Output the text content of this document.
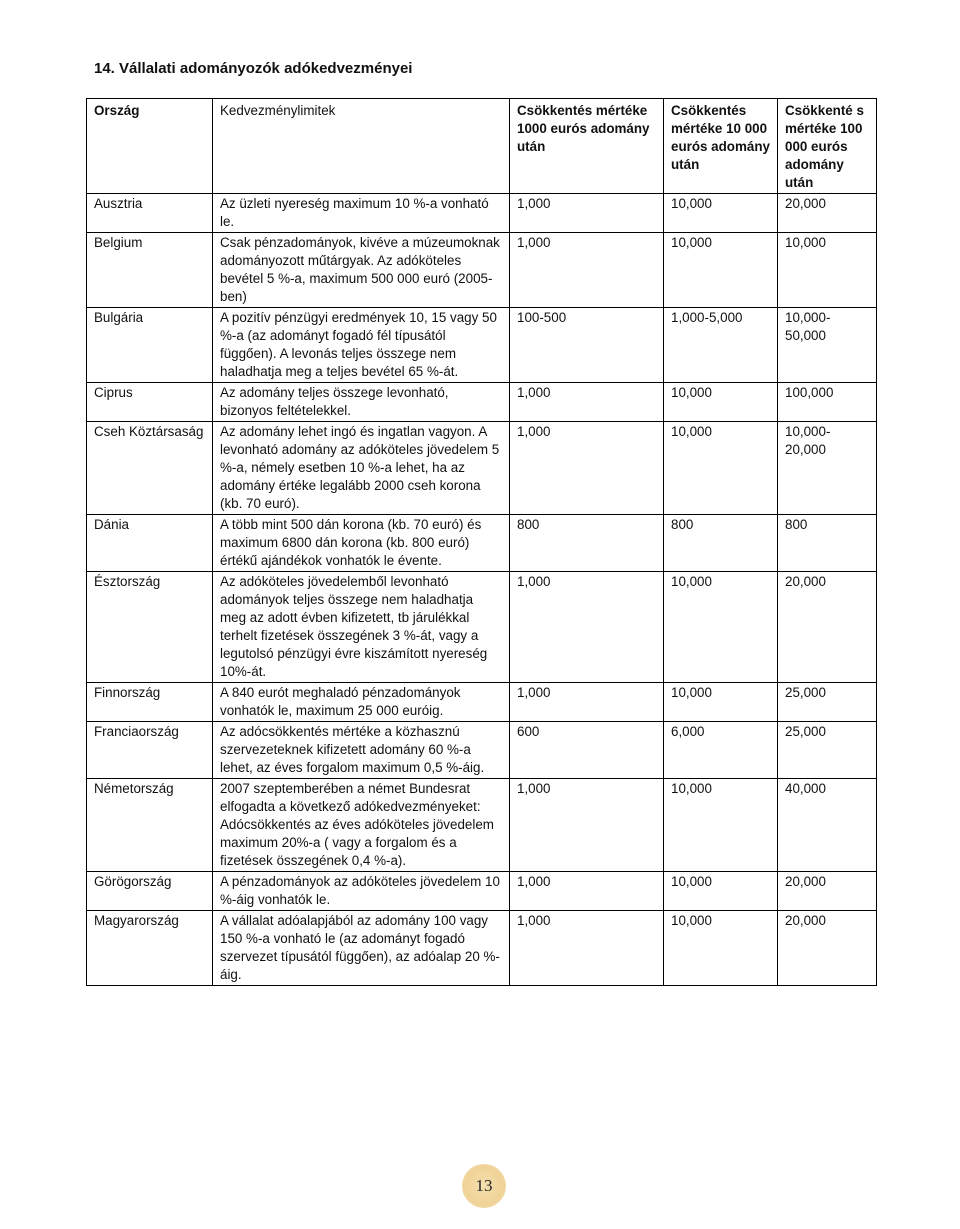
14. Vállalati adományozók adókedvezményei
Ország	Kedvezménylimitek	Csökkentés mértéke 1000 eurós adomány után	Csökkentés mértéke 10 000 eurós adomány után	Csökkenté s mértéke 100 000 eurós adomány után
Ausztria	Az üzleti nyereség maximum 10 %-a vonható le.	1,000	10,000	20,000
Belgium	Csak pénzadományok, kivéve a múzeumoknak adományozott műtárgyak. Az adóköteles bevétel 5 %-a, maximum 500 000 euró (2005-ben)	1,000	10,000	10,000
Bulgária	A pozitív pénzügyi eredmények 10, 15 vagy 50 %-a (az adományt fogadó fél típusától függően). A levonás teljes összege nem haladhatja meg a teljes bevétel 65 %-át.	100-500	1,000-5,000	10,000-50,000
Ciprus	Az adomány teljes összege levonható, bizonyos feltételekkel.	1,000	10,000	100,000
Cseh Köztársaság	Az adomány lehet ingó és ingatlan vagyon. A levonható adomány az adóköteles jövedelem 5 %-a, némely esetben 10 %-a lehet, ha az adomány értéke legalább 2000 cseh korona (kb. 70 euró).	1,000	10,000	10,000-20,000
Dánia	A több mint 500 dán korona (kb. 70 euró) és maximum 6800 dán korona (kb. 800 euró) értékű ajándékok vonhatók le évente.	800	800	800
Észtország	Az adóköteles jövedelemből levonható adományok teljes összege nem haladhatja meg az adott évben kifizetett, tb járulékkal terhelt fizetések összegének 3 %-át, vagy a legutolsó pénzügyi évre kiszámított nyereség 10%-át.	1,000	10,000	20,000
Finnország	A 840 eurót meghaladó pénzadományok vonhatók le, maximum 25 000 euróig.	1,000	10,000	25,000
Franciaország	Az adócsökkentés mértéke a közhasznú szervezeteknek kifizetett adomány 60 %-a lehet, az éves forgalom maximum 0,5 %-áig.	600	6,000	25,000
Németország	2007 szeptemberében a német Bundesrat elfogadta a következő adókedvezményeket: Adócsökkentés az éves adóköteles jövedelem maximum 20%-a ( vagy a forgalom és a fizetések összegének 0,4 %-a).	1,000	10,000	40,000
Görögország	A pénzadományok az adóköteles jövedelem 10 %-áig vonhatók le.	1,000	10,000	20,000
Magyarország	A vállalat adóalapjából az adomány 100 vagy 150 %-a vonható le (az adományt fogadó szervezet típusától függően), az adóalap 20 %-áig.	1,000	10,000	20,000
13
